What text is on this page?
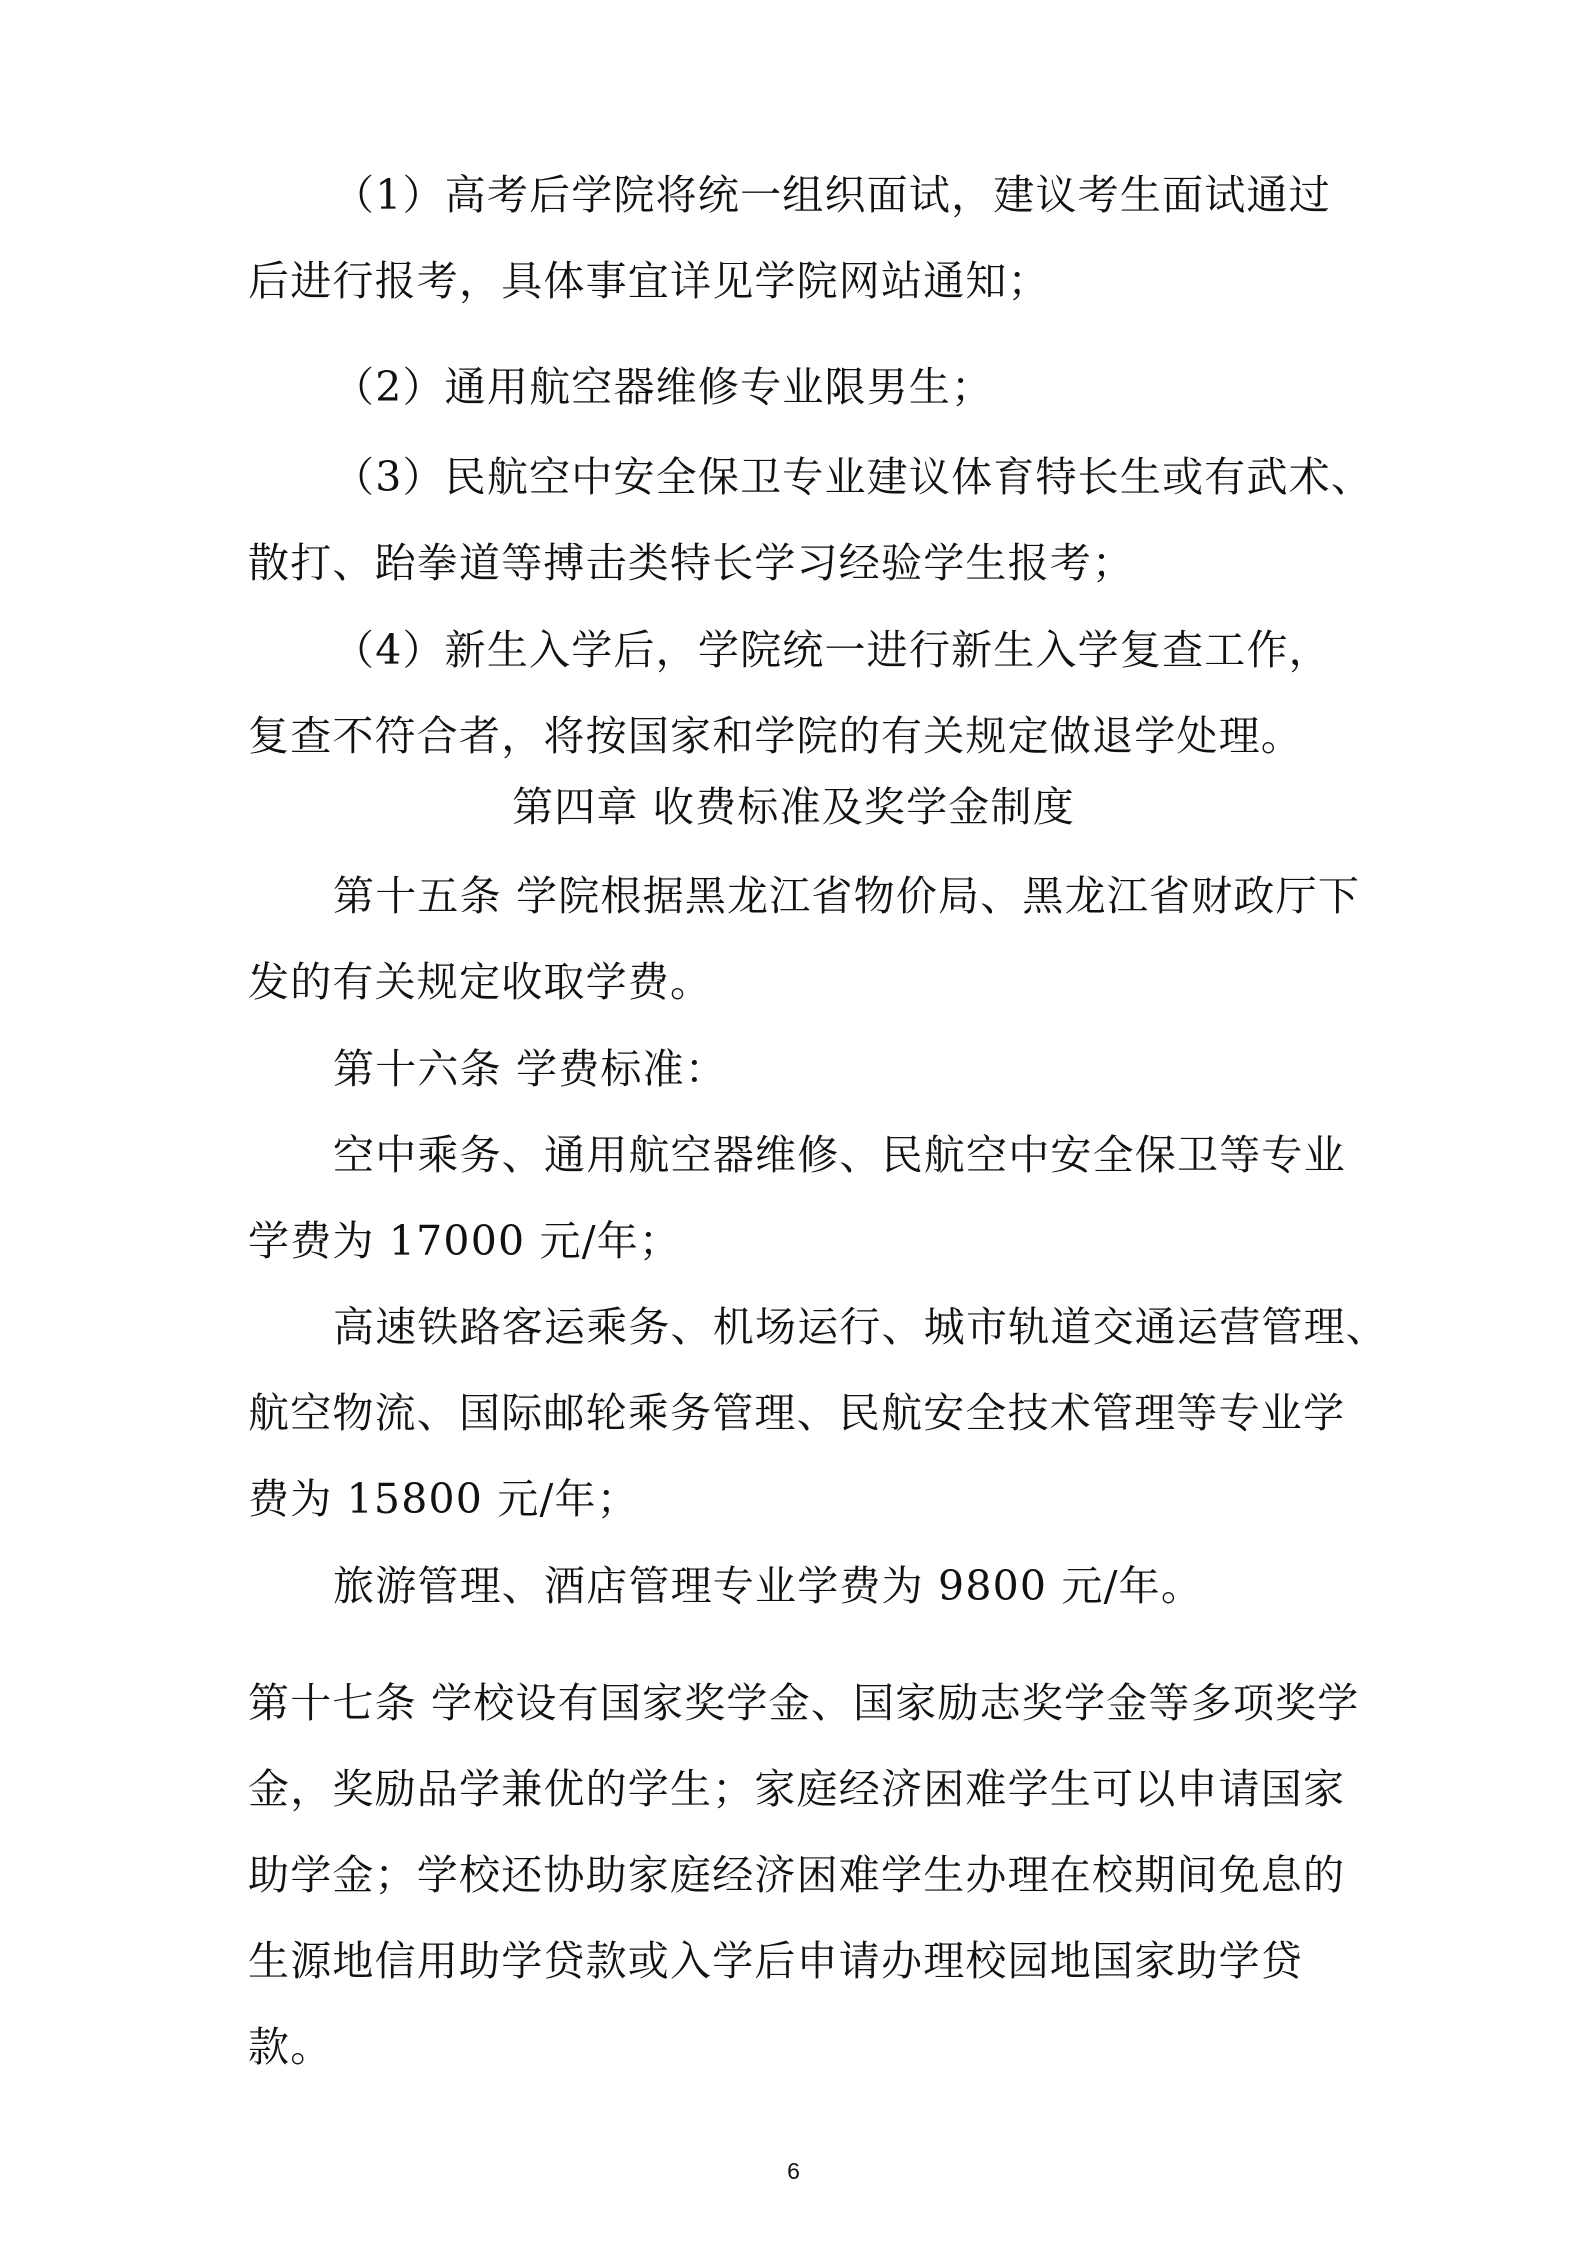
（1）高考后学院将统一组织面试，建议考生面试通过
后进行报考，具体事宜详见学院网站通知；
（2）通用航空器维修专业限男生；
（3）民航空中安全保卫专业建议体育特长生或有武术、
散打、跆拳道等搏击类特长学习经验学生报考；
（4）新生入学后，学院统一进行新生入学复查工作，
复查不符合者，将按国家和学院的有关规定做退学处理。
第四章 收费标准及奖学金制度
第十五条 学院根据黑龙江省物价局、黑龙江省财政厅下
发的有关规定收取学费。
第十六条 学费标准：
空中乘务、通用航空器维修、民航空中安全保卫等专业
学费为 17000 元/年；
高速铁路客运乘务、机场运行、城市轨道交通运营管理、
航空物流、国际邮轮乘务管理、民航安全技术管理等专业学
费为 15800 元/年；
旅游管理、酒店管理专业学费为 9800 元/年。
第十七条 学校设有国家奖学金、国家励志奖学金等多项奖学
金，奖励品学兼优的学生；家庭经济困难学生可以申请国家
助学金；学校还协助家庭经济困难学生办理在校期间免息的
生源地信用助学贷款或入学后申请办理校园地国家助学贷
款。
6
